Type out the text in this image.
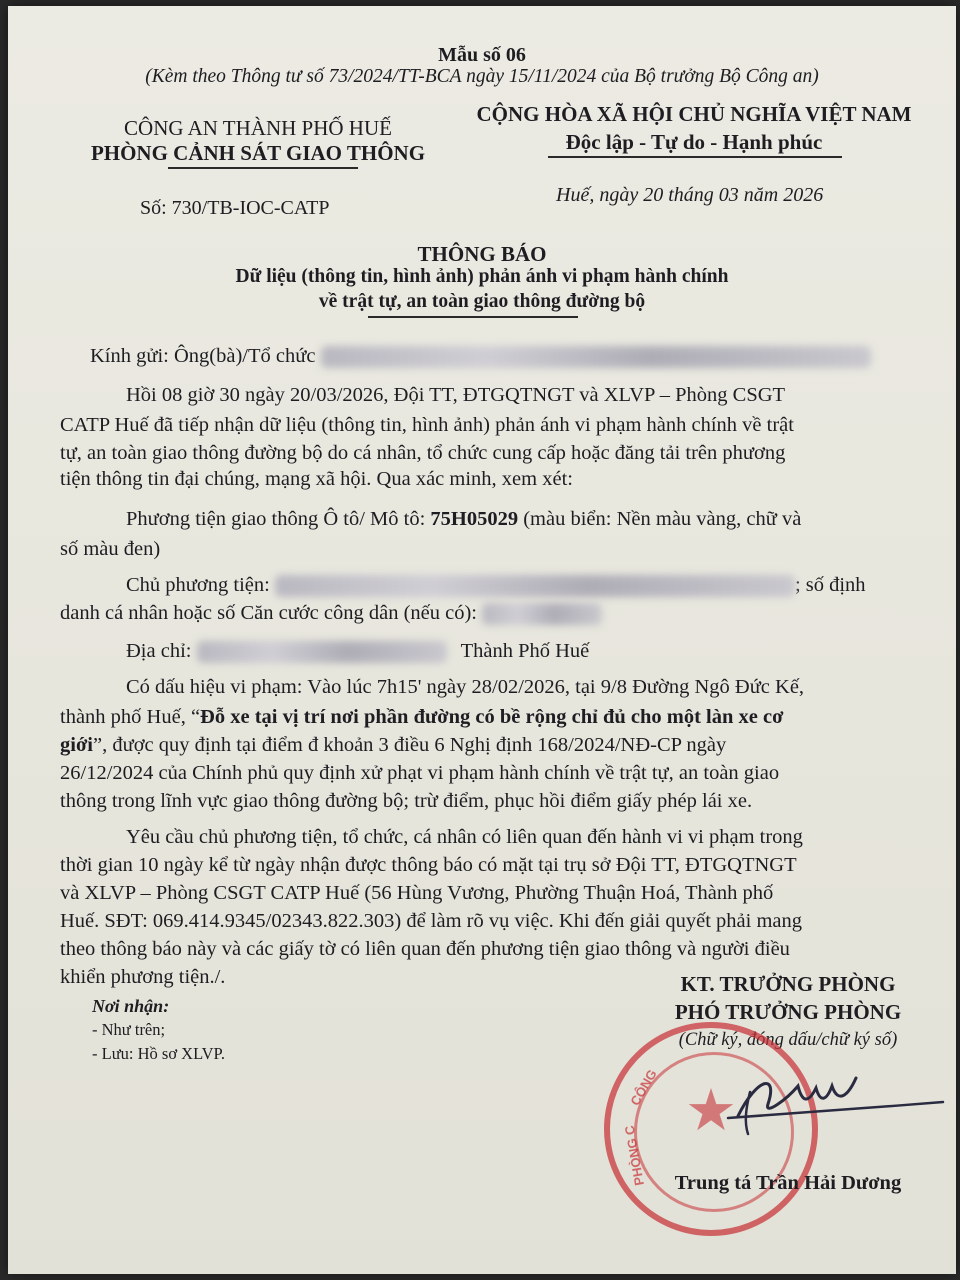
Mẫu số 06
(Kèm theo Thông tư số 73/2024/TT-BCA ngày 15/11/2024 của Bộ trưởng Bộ Công an)
CÔNG AN THÀNH PHỐ HUẾ
PHÒNG CẢNH SÁT GIAO THÔNG
CỘNG HÒA XÃ HỘI CHỦ NGHĨA VIỆT NAM
Độc lập - Tự do - Hạnh phúc
Số: 730/TB-IOC-CATP
Huế, ngày 20 tháng 03 năm 2026
THÔNG BÁO
Dữ liệu (thông tin, hình ảnh) phản ánh vi phạm hành chính
về trật tự, an toàn giao thông đường bộ
Kính gửi: Ông(bà)/Tổ chức
Hồi 08 giờ 30 ngày 20/03/2026, Đội TT, ĐTGQTNGT và XLVP – Phòng CSGT
CATP Huế đã tiếp nhận dữ liệu (thông tin, hình ảnh) phản ánh vi phạm hành chính về trật
tự, an toàn giao thông đường bộ do cá nhân, tổ chức cung cấp hoặc đăng tải trên phương
tiện thông tin đại chúng, mạng xã hội. Qua xác minh, xem xét:
Phương tiện giao thông Ô tô/ Mô tô: 75H05029 (màu biển: Nền màu vàng, chữ và
số màu đen)
Chủ phương tiện:	; số định
danh cá nhân hoặc số Căn cước công dân (nếu có):
Địa chỉ:	Thành Phố Huế
Có dấu hiệu vi phạm: Vào lúc 7h15' ngày 28/02/2026, tại 9/8 Đường Ngô Đức Kế,
thành phố Huế, “Đỗ xe tại vị trí nơi phần đường có bề rộng chỉ đủ cho một làn xe cơ
giới”, được quy định tại điểm đ khoản 3 điều 6 Nghị định 168/2024/NĐ-CP ngày
26/12/2024 của Chính phủ quy định xử phạt vi phạm hành chính về trật tự, an toàn giao
thông trong lĩnh vực giao thông đường bộ; trừ điểm, phục hồi điểm giấy phép lái xe.
Yêu cầu chủ phương tiện, tổ chức, cá nhân có liên quan đến hành vi vi phạm trong
thời gian 10 ngày kể từ ngày nhận được thông báo có mặt tại trụ sở Đội TT, ĐTGQTNGT
và XLVP – Phòng CSGT CATP Huế (56 Hùng Vương, Phường Thuận Hoá, Thành phố
Huế. SĐT: 069.414.9345/02343.822.303) để làm rõ vụ việc. Khi đến giải quyết phải mang
theo thông báo này và các giấy tờ có liên quan đến phương tiện giao thông và người điều
khiển phương tiện./.
Nơi nhận:
- Như trên;
- Lưu: Hồ sơ XLVP.
KT. TRƯỞNG PHÒNG
PHÓ TRƯỞNG PHÒNG
(Chữ ký, đóng dấu/chữ ký số)
★
CÔNG
PHÒNG C	Trung tá Trần Hải Dương
